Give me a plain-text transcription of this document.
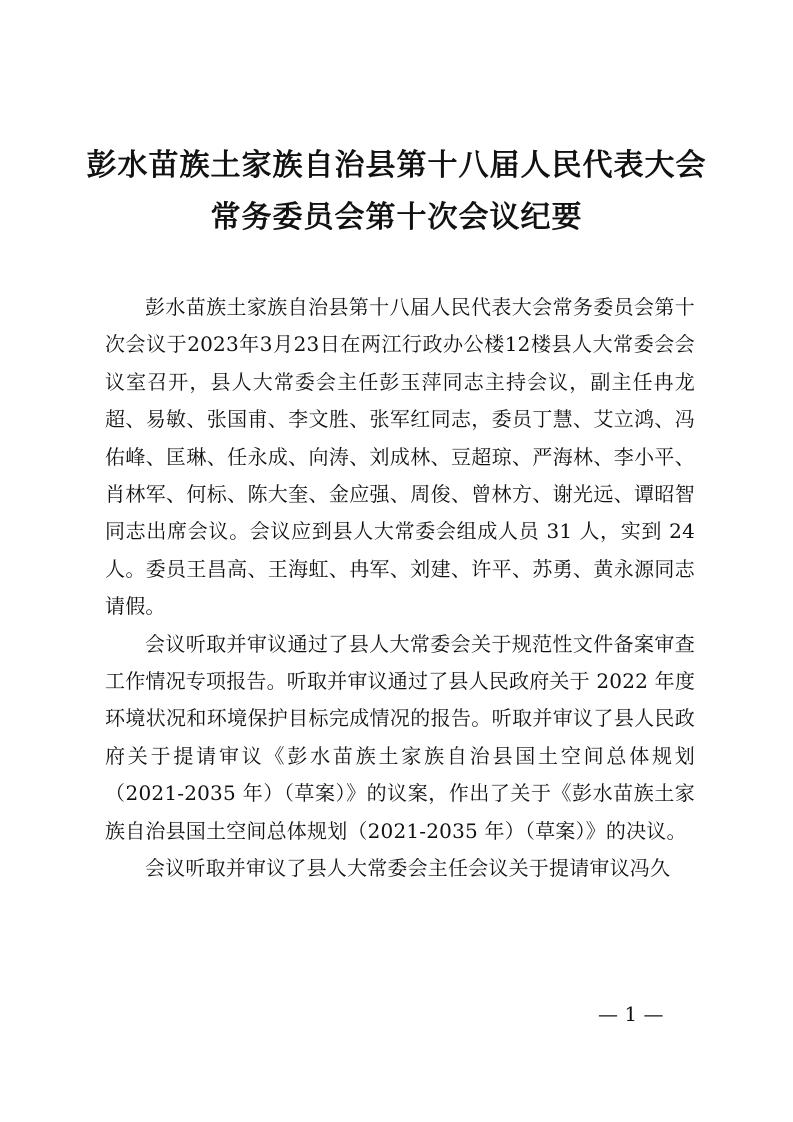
彭水苗族土家族自治县第十八届人民代表大会
常务委员会第十次会议纪要

彭水苗族土家族自治县第十八届人民代表大会常务委员会第十次会议于2023年3月23日在两江行政办公楼12楼县人大常委会会议室召开，县人大常委会主任彭玉萍同志主持会议，副主任冉龙超、易敏、张国甫、李文胜、张军红同志，委员丁慧、艾立鸿、冯佑峰、匡琳、任永成、向涛、刘成林、豆超琼、严海林、李小平、肖林军、何标、陈大奎、金应强、周俊、曾林方、谢光远、谭昭智同志出席会议。会议应到县人大常委会组成人员 31 人，实到 24 人。委员王昌高、王海虹、冉军、刘建、许平、苏勇、黄永源同志请假。

会议听取并审议通过了县人大常委会关于规范性文件备案审查工作情况专项报告。听取并审议通过了县人民政府关于 2022 年度环境状况和环境保护目标完成情况的报告。听取并审议了县人民政府关于提请审议《彭水苗族土家族自治县国土空间总体规划（2021-2035 年）（草案）》的议案，作出了关于《彭水苗族土家族自治县国土空间总体规划（2021-2035 年）（草案）》的决议。

会议听取并审议了县人大常委会主任会议关于提请审议冯久

— 1 —
